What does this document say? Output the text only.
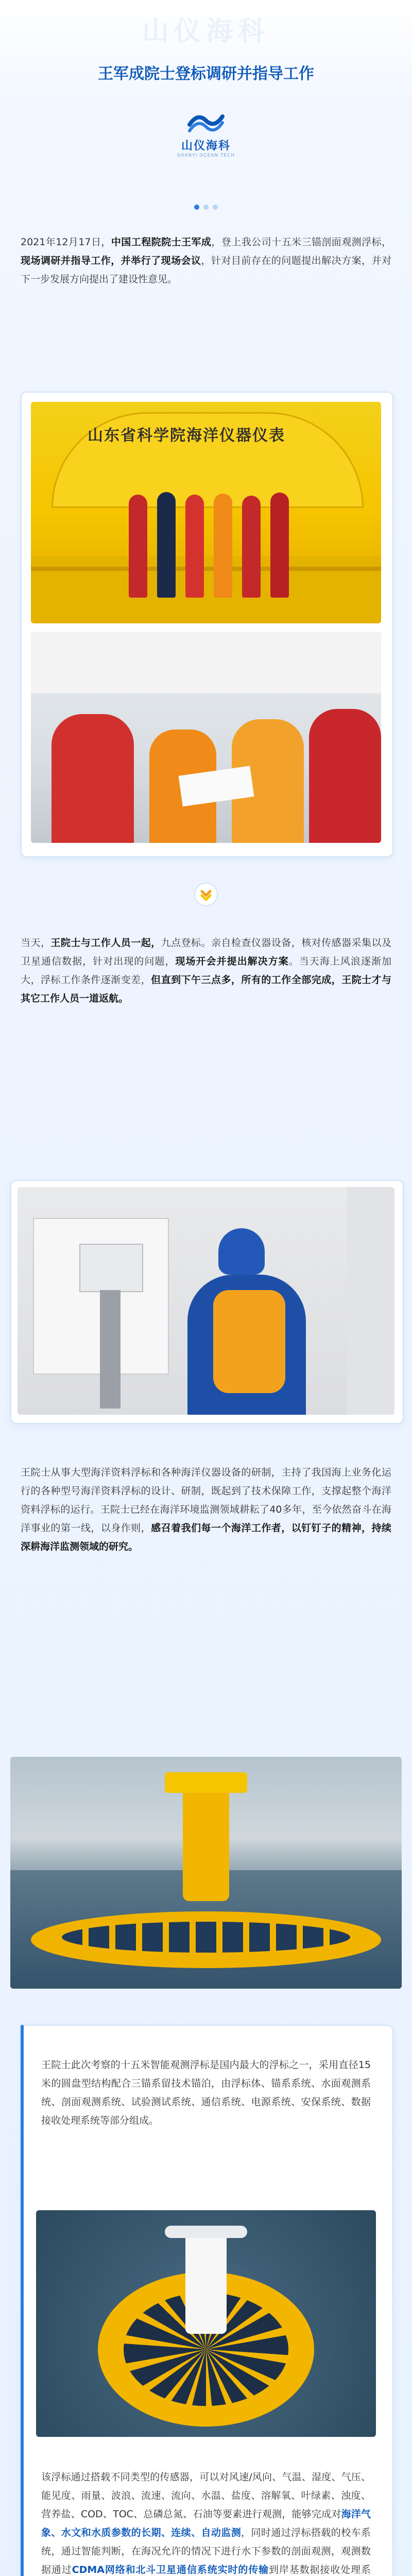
山仪海科
王军成院士登标调研并指导工作
山仪海科
SHANYI OCEAN TECH
2021年12月17日，中国工程院院士王军成，登上我公司十五米三锚剖面观测浮标，现场调研并指导工作，并举行了现场会议，针对目前存在的问题提出解决方案，并对下一步发展方向提出了建设性意见。
山东省科学院海洋仪器仪表
当天，王院士与工作人员一起，九点登标。亲自检查仪器设备，核对传感器采集以及卫星通信数据，针对出现的问题，现场开会并提出解决方案。当天海上风浪逐渐加大，浮标工作条件逐渐变差，但直到下午三点多，所有的工作全部完成，王院士才与其它工作人员一道返航。
王院士从事大型海洋资料浮标和各种海洋仪器设备的研制，主持了我国海上业务化运行的各种型号海洋资料浮标的设计、研制，既起到了技术保障工作，支撑起整个海洋资料浮标的运行。王院士已经在海洋环境监测领域耕耘了40多年，至今依然奋斗在海洋事业的第一线，以身作则，感召着我们每一个海洋工作者，以钉钉子的精神，持续深耕海洋监测领域的研究。
王院士此次考察的十五米智能观测浮标是国内最大的浮标之一，采用直径15米的圆盘型结构配合三锚系留技术锚泊，由浮标体、锚系系统、水面观测系统、剖面观测系统、试验测试系统、通信系统、电源系统、安保系统、数据接收处理系统等部分组成。
该浮标通过搭载不同类型的传感器，可以对风速/风向、气温、湿度、气压、能见度、雨量、波浪、流速、流向、水温、盐度、溶解氧、叶绿素、浊度、营养盐、COD、TOC、总磷总氮、石油等要素进行观测，能够完成对海洋气象、水文和水质参数的长期、连续、自动监测，同时通过浮标搭载的校车系统，通过智能判断，在海况允许的情况下进行水下参数的剖面观测，观测数据通过CDMA网络和北斗卫星通信系统实时的传输到岸基数据接收处理系
